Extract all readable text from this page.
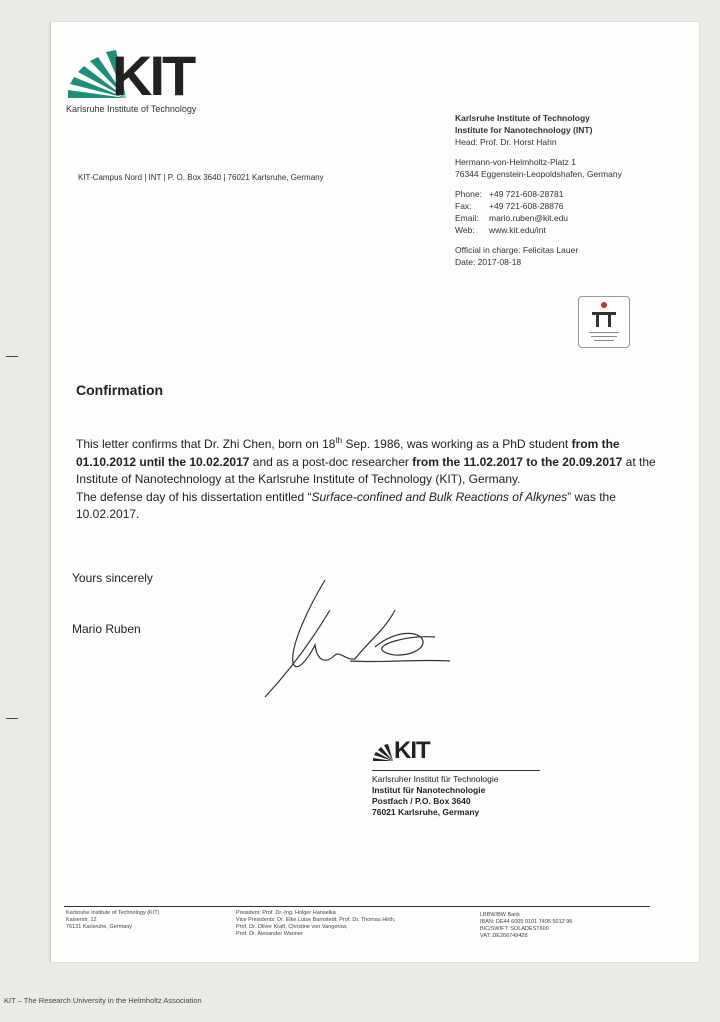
KIT
Karlsruhe Institute of Technology
KIT-Campus Nord | INT | P. O. Box 3640 | 76021 Karlsruhe, Germany
Karlsruhe Institute of Technology
Institute for Nanotechnology (INT)
Head: Prof. Dr. Horst Hahn
Hermann-von-Helmholtz-Platz 1
76344 Eggenstein-Leopoldshafen, Germany
Phone: +49 721-608-28781
Fax: +49 721-608-28876
Email: mario.ruben@kit.edu
Web: www.kit.edu/int
Official in charge: Felicitas Lauer
Date: 2017-08-18
Confirmation
This letter confirms that Dr. Zhi Chen, born on 18th Sep. 1986, was working as a PhD student from the 01.10.2012 until the 10.02.2017 and as a post-doc researcher from the 11.02.2017 to the 20.09.2017 at the Institute of Nanotechnology at the Karlsruhe Institute of Technology (KIT), Germany.
The defense day of his dissertation entitled “Surface-confined and Bulk Reactions of Alkynes” was the 10.02.2017.
Yours sincerely
Mario Ruben
KIT
Karlsruher Institut für Technologie
Institut für Nanotechnologie
Postfach / P.O. Box 3640
76021 Karlsruhe, Germany
Karlsruhe Institute of Technology (KIT)
Kaiserstr. 12
76131 Karlsruhe, Germany
President: Prof. Dr.-Ing. Holger Hanselka
Vice Presidents: Dr. Elke Luise Barnstedt, Prof. Dr. Thomas Hirth,
Prof. Dr. Oliver Kraft, Christine von Vangerow,
Prof. Dr. Alexander Wanner
LBBW/BW Bank
IBAN: DE44 6005 0101 7495 5012 96
BIC/SWIFT: SOLADEST600
VAT: DE266749428
KIT – The Research University in the Helmholtz Association
